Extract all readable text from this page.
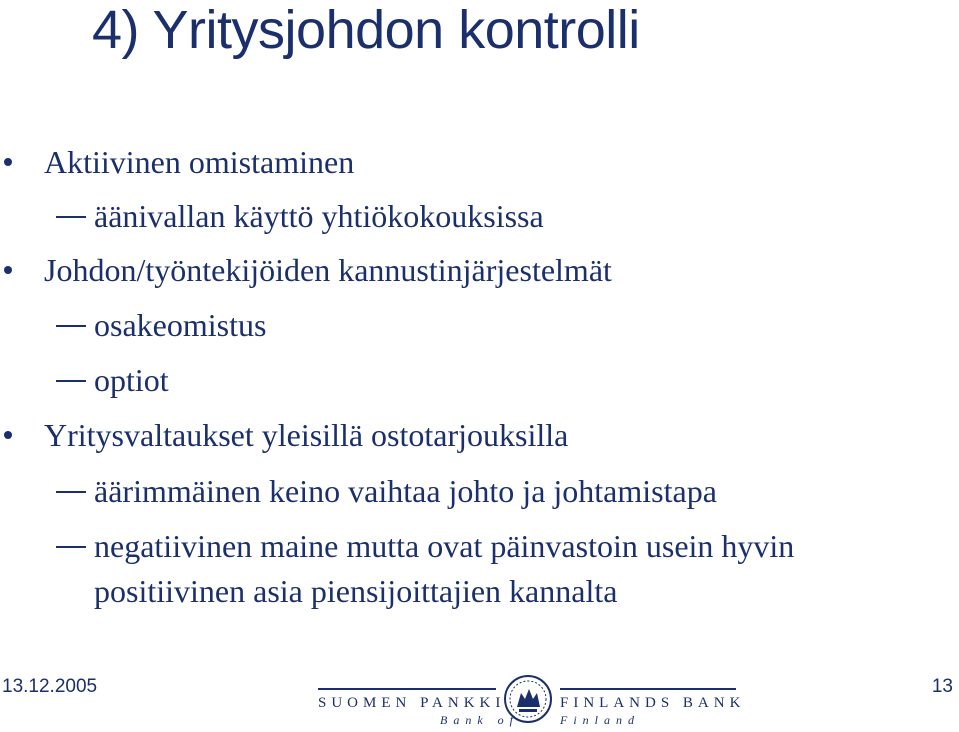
4) Yritysjohdon kontrolli
Aktiivinen omistaminen
äänivallan käyttö yhtiökokouksissa
Johdon/työntekijöiden kannustinjärjestelmät
osakeomistus
optiot
Yritysvaltaukset yleisillä ostotarjouksilla
äärimmäinen keino vaihtaa johto ja johtamistapa
negatiivinen maine mutta ovat päinvastoin usein hyvin
positiivinen asia piensijoittajien kannalta
13.12.2005	13
SUOMEN PANKKI	FINLANDS BANK
Bank of	Finland
